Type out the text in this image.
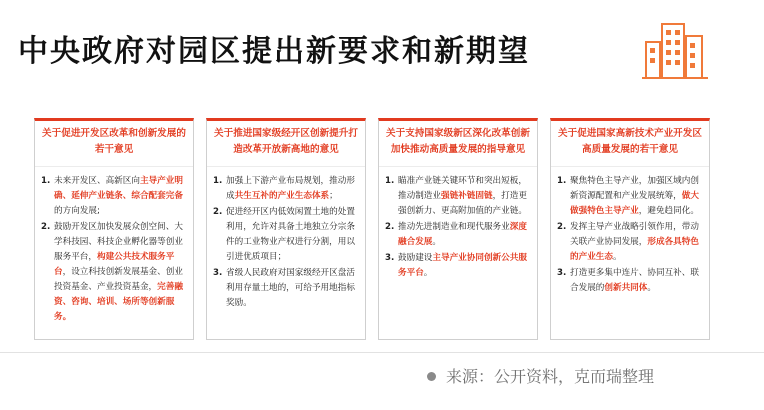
中央政府对园区提出新要求和新期望
关于促进开发区改革和创新发展的若干意见
1. 未来开发区、高新区向主导产业明确、延伸产业链条、综合配套完备的方向发展;
2. 鼓励开发区加快发展众创空间、大学科技园、科技企业孵化器等创业服务平台，构建公共技术服务平台，设立科技创新发展基金、创业投资基金、产业投资基金，完善融资、咨询、培训、场所等创新服务。
关于推进国家级经开区创新提升打造改革开放新高地的意见
1. 加强上下游产业布局规划，推动形成共生互补的产业生态体系；
2. 促进经开区内低效闲置土地的处置利用，允许对具备土地独立分宗条件的工业物业产权进行分割，用以引进优质项目；
3. 省级人民政府对国家级经开区盘活利用存量土地的，可给予用地指标奖励。
关于支持国家级新区深化改革创新加快推动高质量发展的指导意见
1. 瞄准产业链关键环节和突出短板，推动制造业强链补链固链，打造更强创新力、更高附加值的产业链。
2. 推动先进制造业和现代服务业深度融合发展。
3. 鼓励建设主导产业协同创新公共服务平台。
关于促进国家高新技术产业开发区高质量发展的若干意见
1. 聚焦特色主导产业，加强区域内创新资源配置和产业发展统筹，做大做强特色主导产业，避免趋同化。
2. 发挥主导产业战略引领作用，带动关联产业协同发展，形成各具特色的产业生态。
3. 打造更多集中连片、协同互补、联合发展的创新共同体。
来源：公开资料，克而瑞整理
